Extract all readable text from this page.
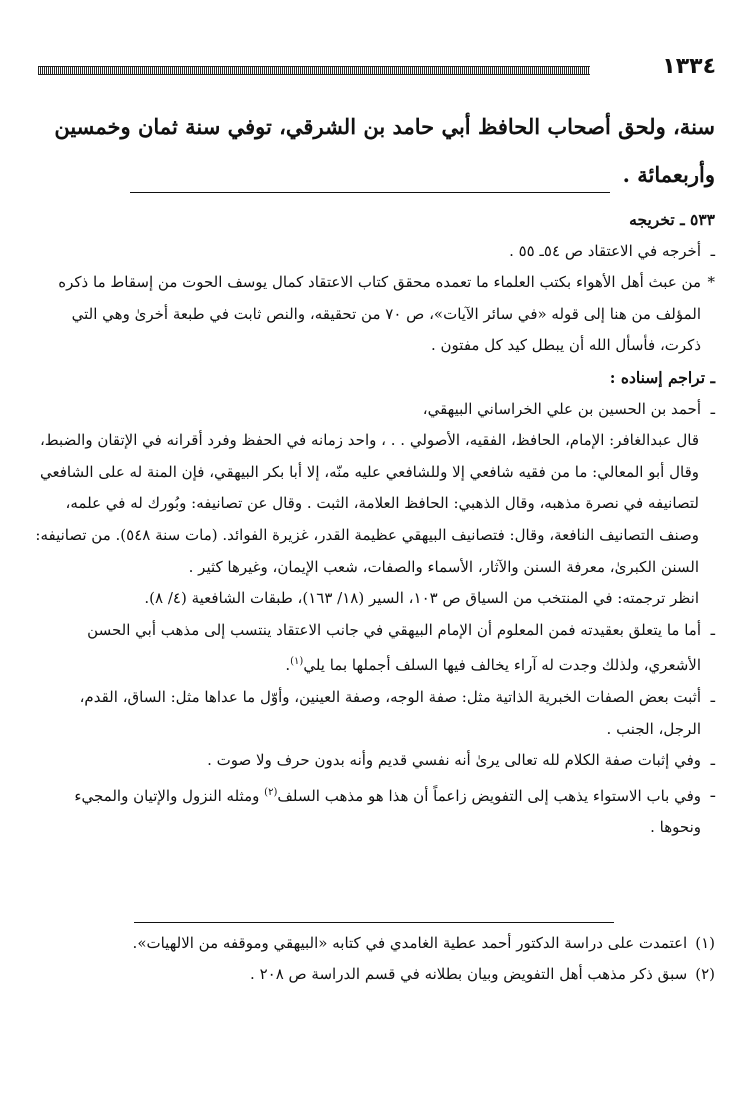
١٣٣٤

سنة، ولحق أصحاب الحافظ أبي حامد بن الشرقي، توفي سنة ثمان وخمسين وأربعمائة .

٥٣٣ ـ تخريجه

ـ
أخرجه في الاعتقاد ص ٥٤ـ ٥٥ .

*
من عبث أهل الأهواء بكتب العلماء ما تعمده محقق كتاب الاعتقاد كمال يوسف الحوت من إسقاط ما ذكره المؤلف من هنا إلى قوله «في سائر الآيات»، ص ٧٠ من تحقيقه، والنص ثابت في طبعة أخرىٰ وهي التي ذكرت، فأسأل الله أن يبطل كيد كل مفتون .

ـ تراجم إسناده :

ـ
أحمد بن الحسين بن علي الخراساني البيهقي،

قال عبدالغافر: الإمام، الحافظ، الفقيه، الأصولي . . ، واحد زمانه في الحفظ وفرد أقرانه في الإتقان والضبط، وقال أبو المعالي: ما من فقيه شافعي إلا وللشافعي عليه منّه، إلا أبا بكر البيهقي، فإن المنة له على الشافعي لتصانيفه في نصرة مذهبه، وقال الذهبي: الحافظ العلامة، الثبت . وقال عن تصانيفه: وبُورك له في علمه، وصنف التصانيف النافعة، وقال: فتصانيف البيهقي عظيمة القدر، غزيرة الفوائد. (مات سنة ٥٤٨). من تصانيفه: السنن الكبرىٰ، معرفة السنن والآثار، الأسماء والصفات، شعب الإيمان، وغيرها كثير .

انظر ترجمته: في المنتخب من السياق ص ١٠٣، السير (١٨/ ١٦٣)، طبقات الشافعية (٤/ ٨).

ـ
أما ما يتعلق بعقيدته فمن المعلوم أن الإمام البيهقي في جانب الاعتقاد ينتسب إلى مذهب أبي الحسن الأشعري، ولذلك وجدت له آراء يخالف فيها السلف أجملها بما يلي$^{(١)}$.

ـ
أثبت بعض الصفات الخبرية الذاتية مثل: صفة الوجه، وصفة العينين، وأوّل ما عداها مثل: الساق، القدم، الرجل، الجنب .

ـ
وفي إثبات صفة الكلام لله تعالى يرىٰ أنه نفسي قديم وأنه بدون حرف ولا صوت .

ـ
وفي باب الاستواء يذهب إلى التفويض زاعماً أن هذا هو مذهب السلف$^{(٢)}$ ومثله النزول والإتيان والمجيء ونحوها .

(١)اعتمدت على دراسة الدكتور أحمد عطية الغامدي في كتابه «البيهقي وموقفه من الالهيات».
(٢)سبق ذكر مذهب أهل التفويض وبيان بطلانه في قسم الدراسة ص ٢٠٨ .
